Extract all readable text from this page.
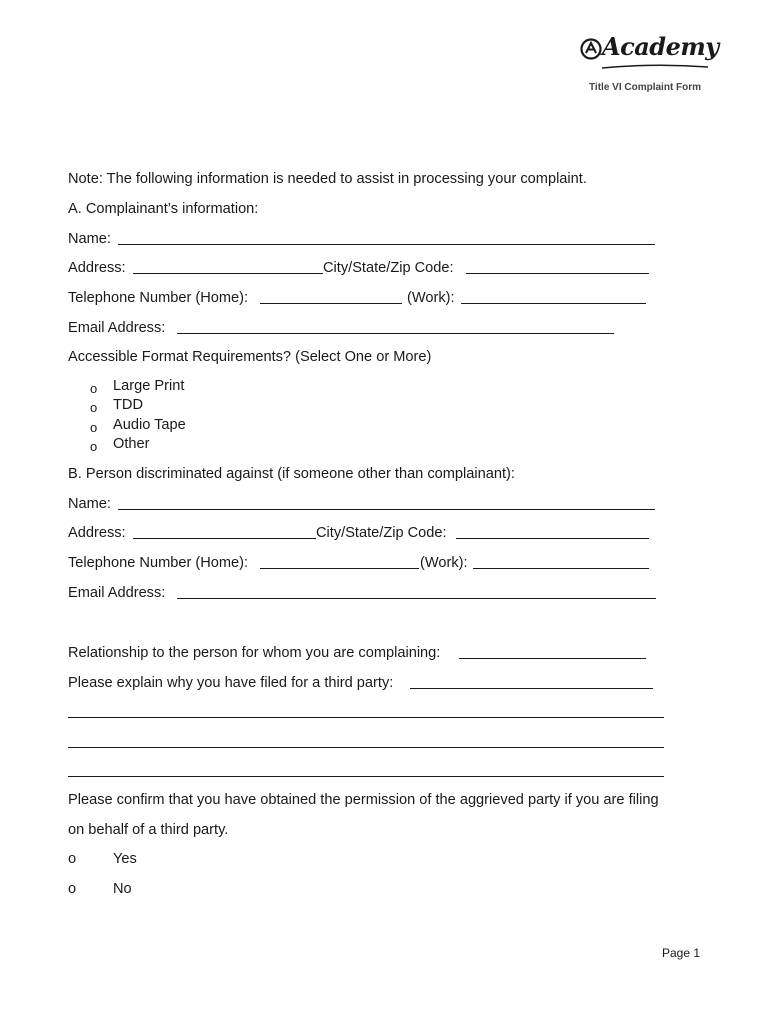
Academy
Title VI Complaint Form
Note: The following information is needed to assist in processing your complaint.
A. Complainant’s information:
Name:
Address:	City/State/Zip Code:
Telephone Number (Home):	(Work):
Email Address:
Accessible Format Requirements? (Select One or More)
o Large Print
o TDD
o Audio Tape
o Other
B. Person discriminated against (if someone other than complainant):
Name:
Address:	City/State/Zip Code:
Telephone Number (Home):	(Work):
Email Address:
Relationship to the person for whom you are complaining:
Please explain why you have filed for a third party:
Please confirm that you have obtained the permission of the aggrieved party if you are filing
on behalf of a third party.
o	Yes
o	No
Page 1
